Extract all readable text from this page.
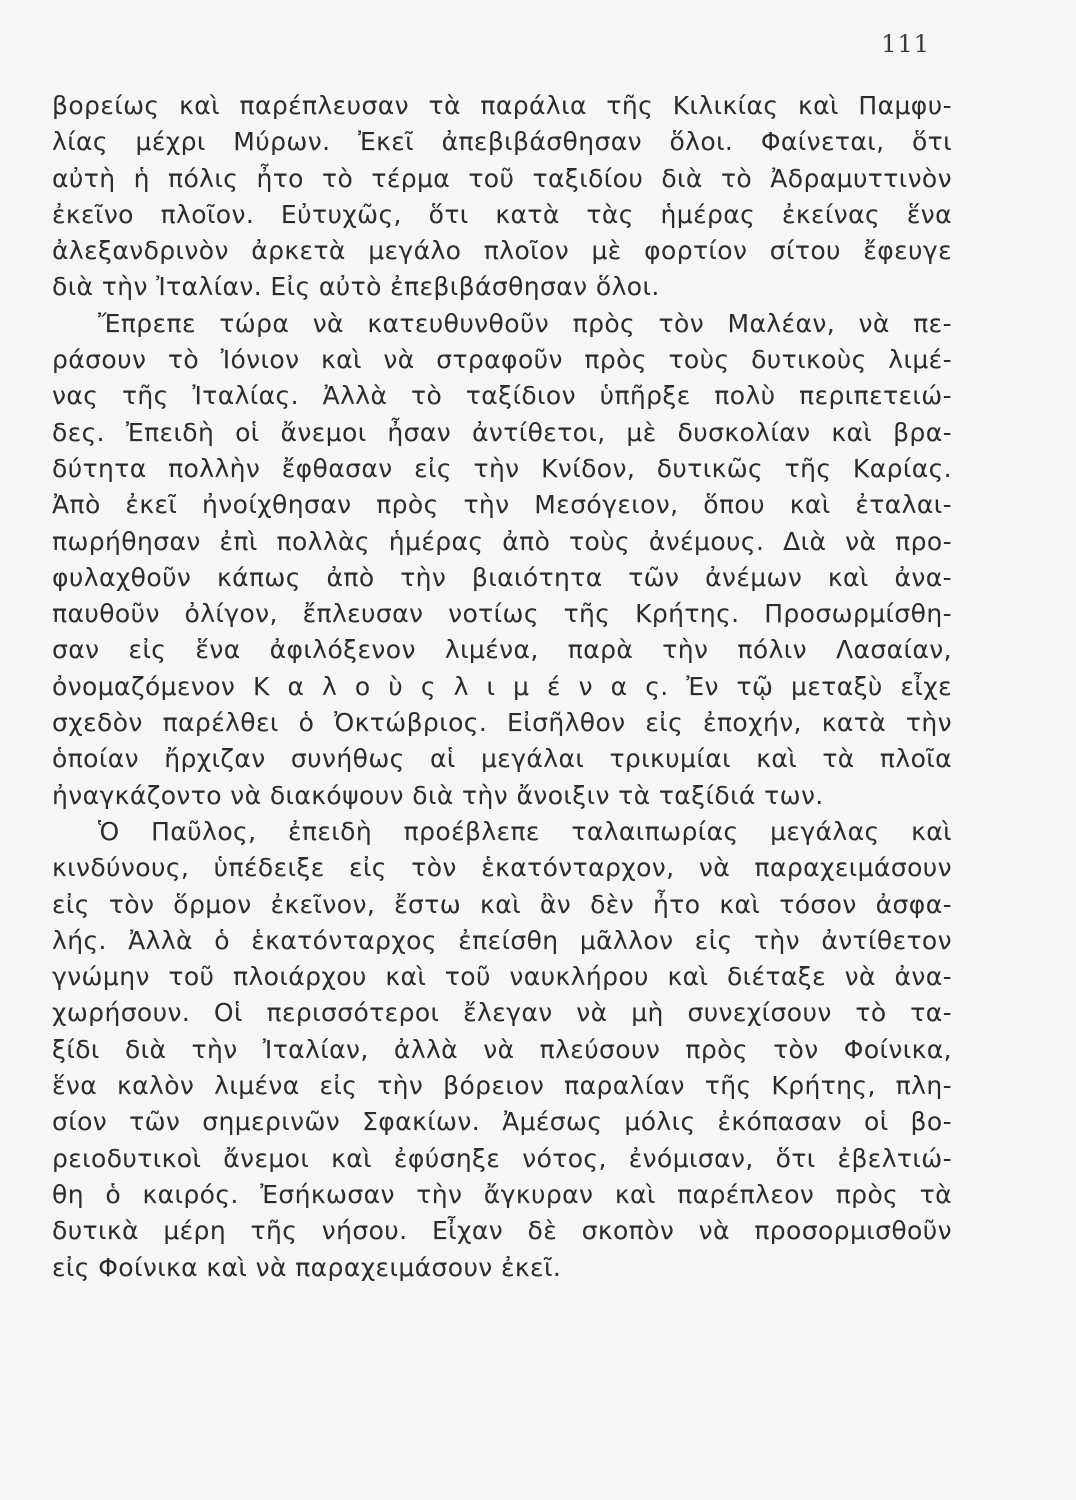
111
βορείως καὶ παρέπλευσαν τὰ παράλια τῆς Κιλικίας καὶ Παμφυ-
λίας μέχρι Μύρων. Ἐκεῖ ἀπεβιβάσθησαν ὅλοι. Φαίνεται, ὅτι
αὐτὴ ἡ πόλις ἦτο τὸ τέρμα τοῦ ταξιδίου διὰ τὸ Ἀδραμυττινὸν
ἐκεῖνο πλοῖον. Εὐτυχῶς, ὅτι κατὰ τὰς ἡμέρας ἐκείνας ἕνα
ἀλεξανδρινὸν ἀρκετὰ μεγάλο πλοῖον μὲ φορτίον σίτου ἔφευγε
διὰ τὴν Ἰταλίαν. Εἰς αὐτὸ ἐπεβιβάσθησαν ὅλοι.
Ἔπρεπε τώρα νὰ κατευθυνθοῦν πρὸς τὸν Μαλέαν, νὰ πε-
ράσουν τὸ Ἰόνιον καὶ νὰ στραφοῦν πρὸς τοὺς δυτικοὺς λιμέ-
νας τῆς Ἰταλίας. Ἀλλὰ τὸ ταξίδιον ὑπῆρξε πολὺ περιπετειώ-
δες. Ἐπειδὴ οἱ ἄνεμοι ἦσαν ἀντίθετοι, μὲ δυσκολίαν καὶ βρα-
δύτητα πολλὴν ἔφθασαν εἰς τὴν Κνίδον, δυτικῶς τῆς Καρίας.
Ἀπὸ ἐκεῖ ἠνοίχθησαν πρὸς τὴν Μεσόγειον, ὅπου καὶ ἐταλαι-
πωρήθησαν ἐπὶ πολλὰς ἡμέρας ἀπὸ τοὺς ἀνέμους. Διὰ νὰ προ-
φυλαχθοῦν κάπως ἀπὸ τὴν βιαιότητα τῶν ἀνέμων καὶ ἀνα-
παυθοῦν ὀλίγον, ἔπλευσαν νοτίως τῆς Κρήτης. Προσωρμίσθη-
σαν εἰς ἕνα ἀφιλόξενον λιμένα, παρὰ τὴν πόλιν Λασαίαν,
ὀνομαζόμενον Κ α λ ο ὺ ς λ ι μ έ ν α ς. Ἐν τῷ μεταξὺ εἶχε
σχεδὸν παρέλθει ὁ Ὀκτώβριος. Εἰσῆλθον εἰς ἐποχήν, κατὰ τὴν
ὁποίαν ἤρχιζαν συνήθως αἱ μεγάλαι τρικυμίαι καὶ τὰ πλοῖα
ἠναγκάζοντο νὰ διακόψουν διὰ τὴν ἄνοιξιν τὰ ταξίδιά των.
Ὁ Παῦλος, ἐπειδὴ προέβλεπε ταλαιπωρίας μεγάλας καὶ
κινδύνους, ὑπέδειξε εἰς τὸν ἑκατόνταρχον, νὰ παραχειμάσουν
εἰς τὸν ὅρμον ἐκεῖνον, ἔστω καὶ ἂν δὲν ἦτο καὶ τόσον ἀσφα-
λής. Ἀλλὰ ὁ ἑκατόνταρχος ἐπείσθη μᾶλλον εἰς τὴν ἀντίθετον
γνώμην τοῦ πλοιάρχου καὶ τοῦ ναυκλήρου καὶ διέταξε νὰ ἀνα-
χωρήσουν. Οἱ περισσότεροι ἔλεγαν νὰ μὴ συνεχίσουν τὸ τα-
ξίδι διὰ τὴν Ἰταλίαν, ἀλλὰ νὰ πλεύσουν πρὸς τὸν Φοίνικα,
ἕνα καλὸν λιμένα εἰς τὴν βόρειον παραλίαν τῆς Κρήτης, πλη-
σίον τῶν σημερινῶν Σφακίων. Ἀμέσως μόλις ἐκόπασαν οἱ βο-
ρειοδυτικοὶ ἄνεμοι καὶ ἐφύσηξε νότος, ἐνόμισαν, ὅτι ἐβελτιώ-
θη ὁ καιρός. Ἐσήκωσαν τὴν ἄγκυραν καὶ παρέπλεον πρὸς τὰ
δυτικὰ μέρη τῆς νήσου. Εἶχαν δὲ σκοπὸν νὰ προσορμισθοῦν
εἰς Φοίνικα καὶ νὰ παραχειμάσουν ἐκεῖ.
